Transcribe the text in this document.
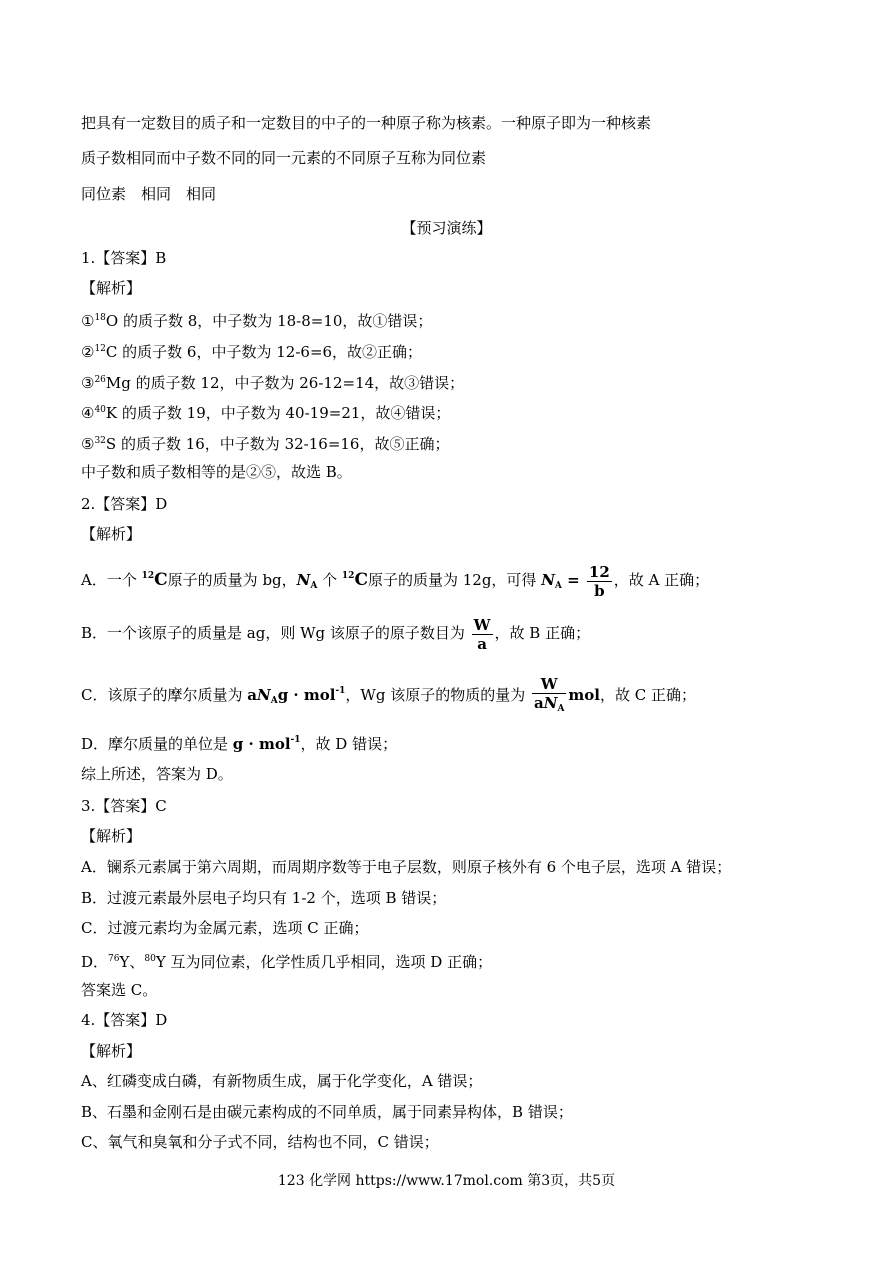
把具有一定数目的质子和一定数目的中子的一种原子称为核素。一种原子即为一种核素
质子数相同而中子数不同的同一元素的不同原子互称为同位素
同位素　相同　相同
【预习演练】
1.【答案】B
【解析】
①$^{18}$O 的质子数 8，中子数为 18-8=10，故①错误；
②$^{12}$C 的质子数 6，中子数为 12-6=6，故②正确；
③$^{26}$Mg 的质子数 12，中子数为 26-12=14，故③错误；
④$^{40}$K 的质子数 19，中子数为 40-19=21，故④错误；
⑤$^{32}$S 的质子数 16，中子数为 32-16=16，故⑤正确；
中子数和质子数相等的是②⑤，故选 B。
2.【答案】D
【解析】
A．一个 $^{12}$C原子的质量为 bg，$N_A$ 个 $^{12}$C原子的质量为 12g，可得 $N_A = \frac{12}{b}$ ，故 A 正确；
B．一个该原子的质量是 ag，则 Wg 该原子的原子数目为 $\frac{W}{a}$ ，故 B 正确；
C．该原子的摩尔质量为 $aN_Ag \cdot mol^{-1}$，Wg 该原子的物质的量为 $\frac{W}{aN_A}$ mol，故 C 正确；
D．摩尔质量的单位是 g · mol$^{-1}$，故 D 错误；
综上所述，答案为 D。
3.【答案】C
【解析】
A．镧系元素属于第六周期，而周期序数等于电子层数，则原子核外有 6 个电子层，选项 A 错误；
B．过渡元素最外层电子均只有 1-2 个，选项 B 错误；
C．过渡元素均为金属元素，选项 C 正确；
D．$^{76}$Y、$^{80}$Y 互为同位素，化学性质几乎相同，选项 D 正确；
答案选 C。
4.【答案】D
【解析】
A、红磷变成白磷，有新物质生成，属于化学变化，A 错误；
B、石墨和金刚石是由碳元素构成的不同单质，属于同素异构体，B 错误；
C、氧气和臭氧和分子式不同，结构也不同，C 错误；
123 化学网 https://www.17mol.com 第3页，共5页
